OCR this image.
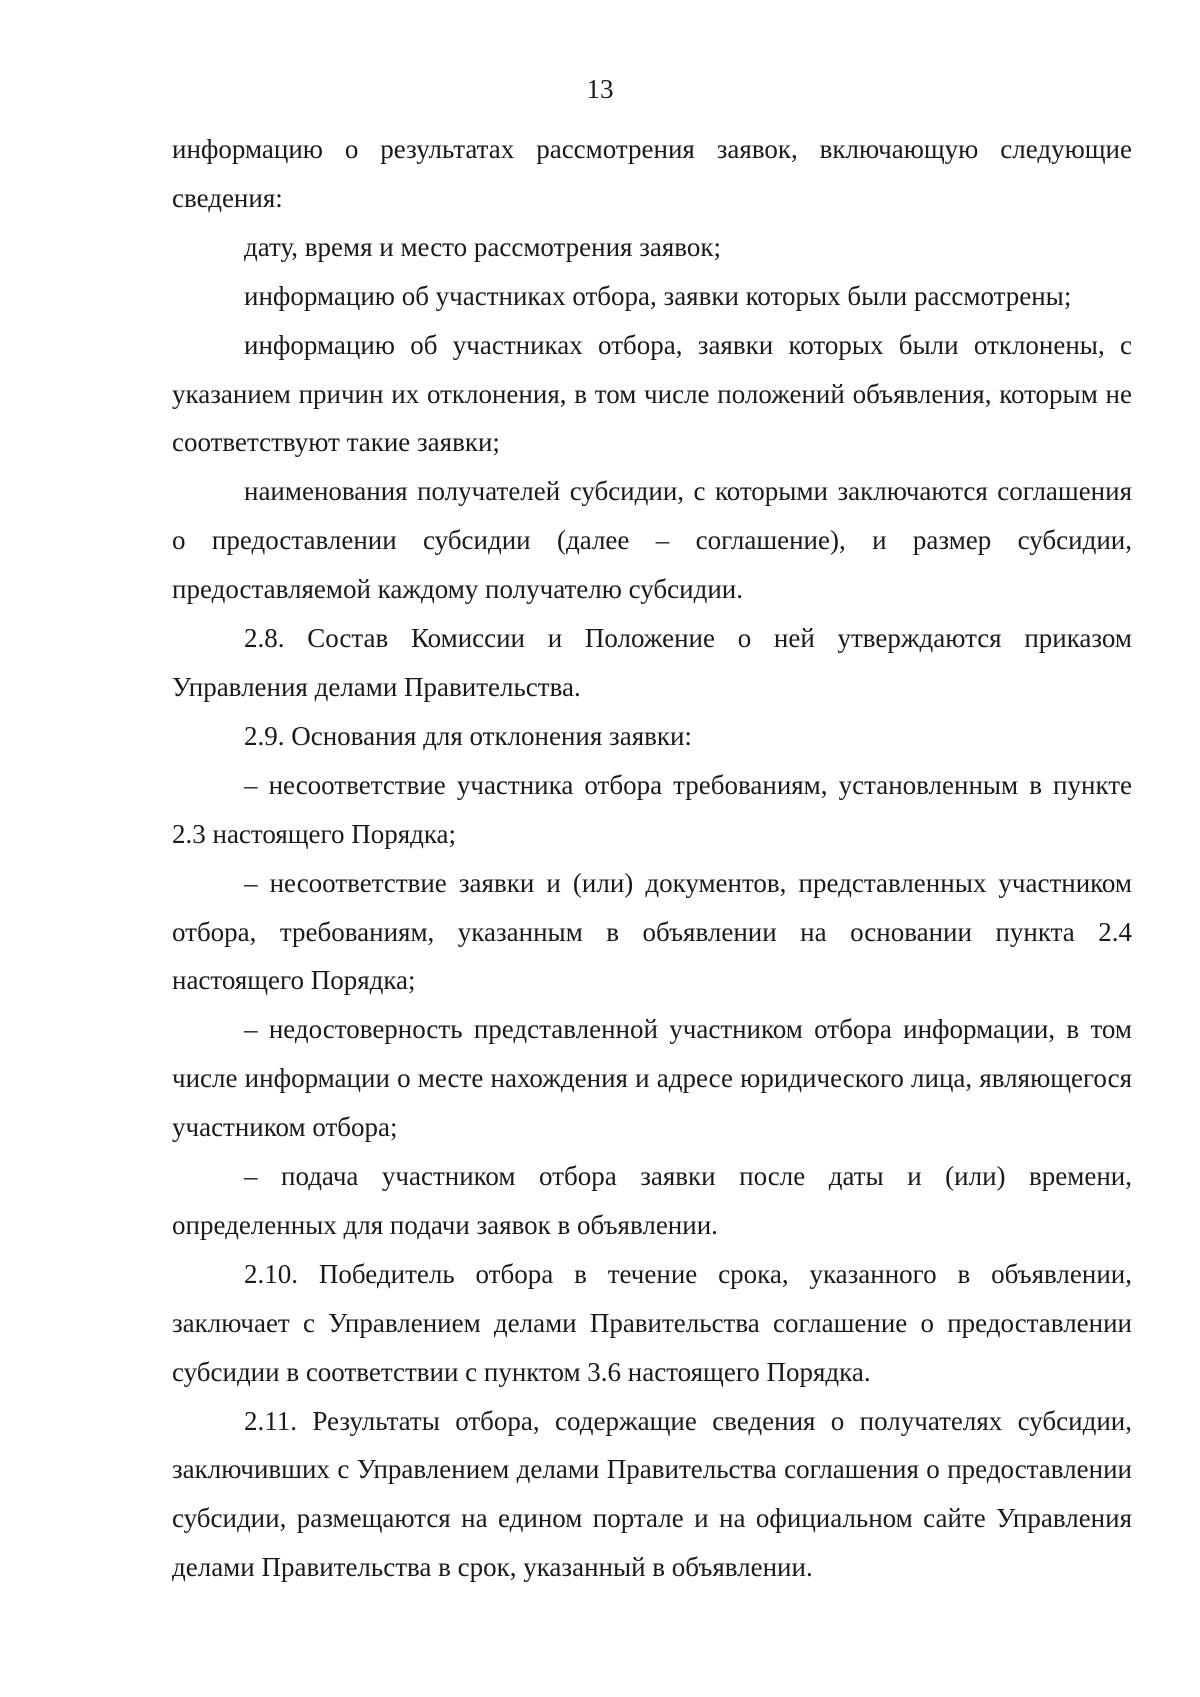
13

информацию о результатах рассмотрения заявок, включающую следующие сведения:

дату, время и место рассмотрения заявок;

информацию об участниках отбора, заявки которых были рассмотрены;

информацию об участниках отбора, заявки которых были отклонены, с указанием причин их отклонения, в том числе положений объявления, которым не соответствуют такие заявки;

наименования получателей субсидии, с которыми заключаются соглашения о предоставлении субсидии (далее – соглашение), и размер субсидии, предоставляемой каждому получателю субсидии.

2.8. Состав Комиссии и Положение о ней утверждаются приказом Управления делами Правительства.

2.9. Основания для отклонения заявки:

– несоответствие участника отбора требованиям, установленным в пункте 2.3 настоящего Порядка;

– несоответствие заявки и (или) документов, представленных участником отбора, требованиям, указанным в объявлении на основании пункта 2.4 настоящего Порядка;

– недостоверность представленной участником отбора информации, в том числе информации о месте нахождения и адресе юридического лица, являющегося участником отбора;

– подача участником отбора заявки после даты и (или) времени, определенных для подачи заявок в объявлении.

2.10. Победитель отбора в течение срока, указанного в объявлении, заключает с Управлением делами Правительства соглашение о предоставлении субсидии в соответствии с пунктом 3.6 настоящего Порядка.

2.11. Результаты отбора, содержащие сведения о получателях субсидии, заключивших с Управлением делами Правительства соглашения о предоставлении субсидии, размещаются на едином портале и на официальном сайте Управления делами Правительства в срок, указанный в объявлении.
